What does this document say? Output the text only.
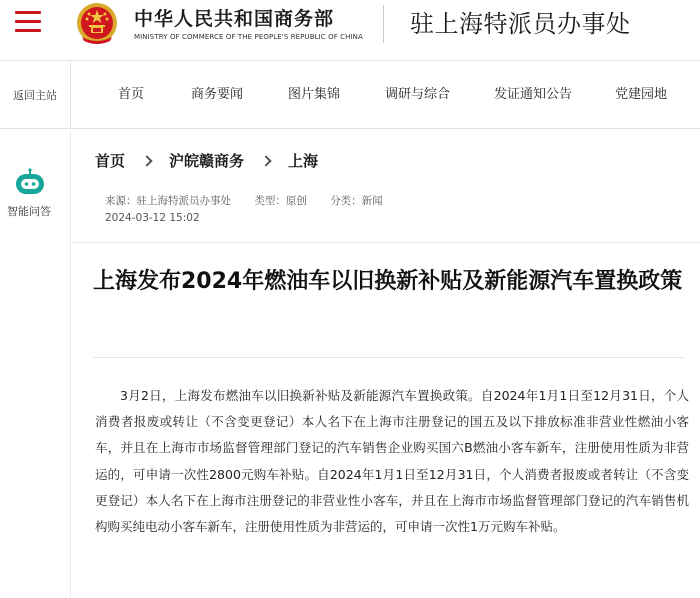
中华人民共和国商务部
MINISTRY OF COMMERCE OF THE PEOPLE'S REPUBLIC OF CHINA 驻上海特派员办事处
返回主站	首页	商务要闻	图片集锦	调研与综合	发证通知公告	党建园地
智能问答
首页	沪皖赣商务	上海
来源：驻上海特派员办事处 类型：原创 分类：新闻
2024-03-12 15:02
上海发布2024年燃油车以旧换新补贴及新能源汽车置换政策

3月2日，上海发布燃油车以旧换新补贴及新能源汽车置换政策。自2024年1月1日至12月31日，个人消费者报废或转让（不含变更登记）本人名下在上海市注册登记的国五及以下排放标准非营业性燃油小客车，并且在上海市市场监督管理部门登记的汽车销售企业购买国六B燃油小客车新车，注册使用性质为非营运的，可申请一次性2800元购车补贴。自2024年1月1日至12月31日，个人消费者报废或者转让（不含变更登记）本人名下在上海市注册登记的非营业性小客车，并且在上海市市场监督管理部门登记的汽车销售机构购买纯电动小客车新车，注册使用性质为非营运的，可申请一次性1万元购车补贴。
